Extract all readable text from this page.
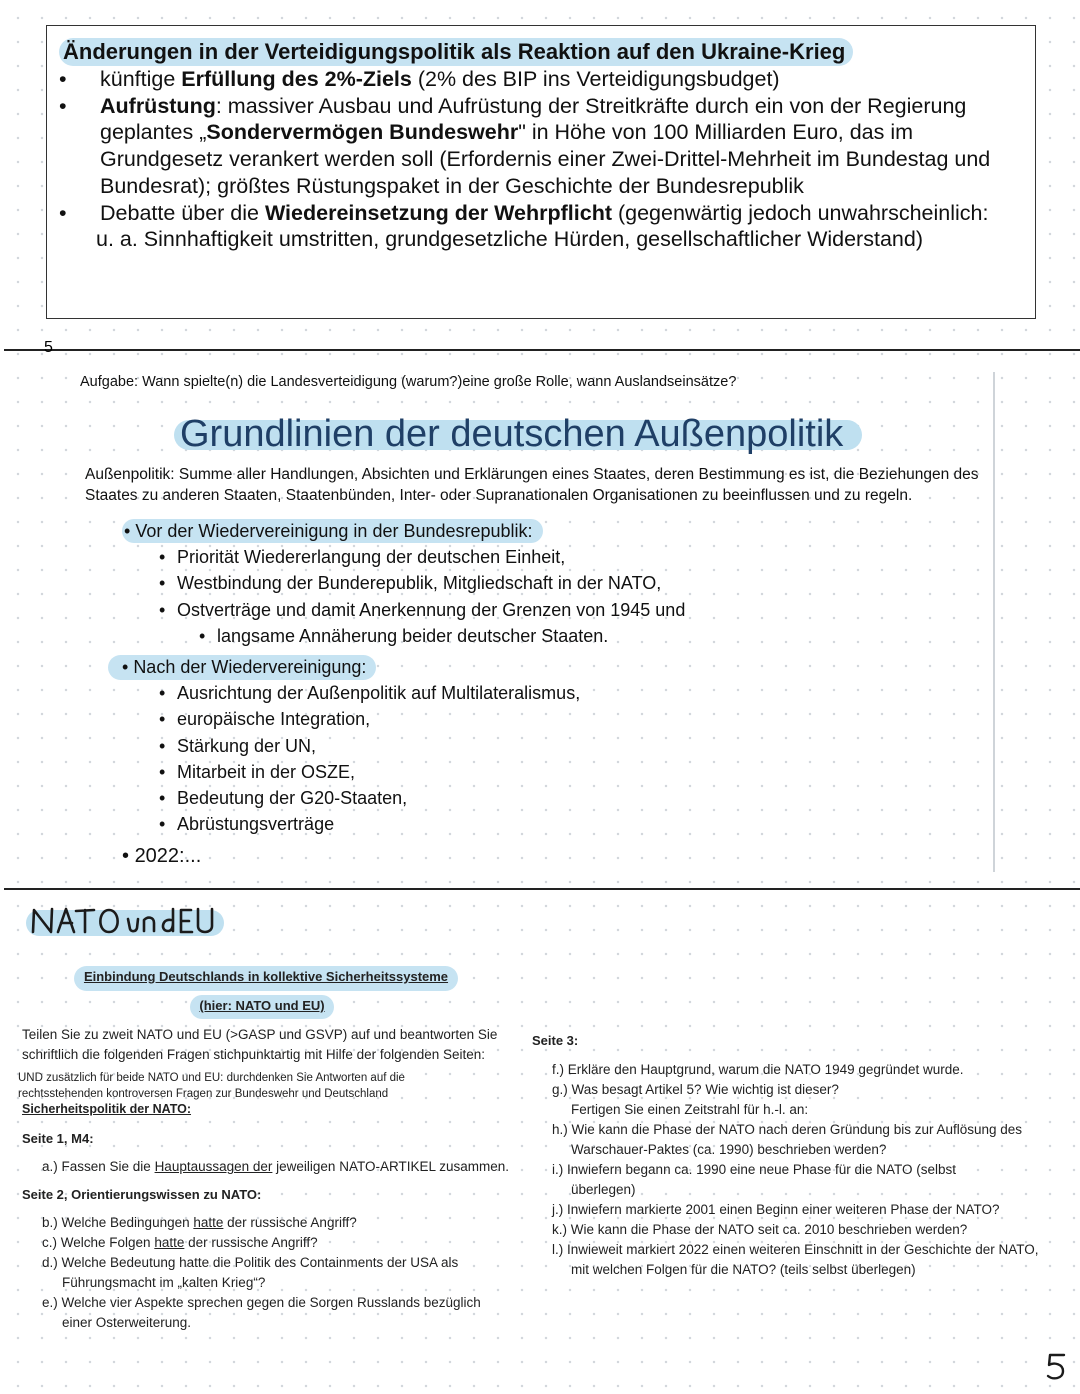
Änderungen in der Verteidigungspolitik als Reaktion auf den Ukraine-Krieg
• künftige Erfüllung des 2%-Ziels (2% des BIP ins Verteidigungsbudget)
• Aufrüstung: massiver Ausbau und Aufrüstung der Streitkräfte durch ein von der Regierung geplantes „Sondervermögen Bundeswehr" in Höhe von 100 Milliarden Euro, das im Grundgesetz verankert werden soll (Erfordernis einer Zwei-Drittel-Mehrheit im Bundestag und Bundesrat); größtes Rüstungspaket in der Geschichte der Bundesrepublik
• Debatte über die Wiedereinsetzung der Wehrpflicht (gegenwärtig jedoch unwahrscheinlich:
u. a. Sinnhaftigkeit umstritten, grundgesetzliche Hürden, gesellschaftlicher Widerstand)
Aufgabe: Wann spielte(n) die Landesverteidigung (warum?)eine große Rolle, wann Auslandseinsätze?
Grundlinien der deutschen Außenpolitik
Außenpolitik: Summe aller Handlungen, Absichten und Erklärungen eines Staates, deren Bestimmung es ist, die Beziehungen des Staates zu anderen Staaten, Staatenbünden, Inter- oder Supranationalen Organisationen zu beeinflussen und zu regeln.
• Vor der Wiedervereinigung in der Bundesrepublik:
• Priorität Wiedererlangung der deutschen Einheit,
• Westbindung der Bunderepublik, Mitgliedschaft in der NATO,
• Ostverträge und damit Anerkennung der Grenzen von 1945 und
• langsame Annäherung beider deutscher Staaten.
• Nach der Wiedervereinigung:
• Ausrichtung der Außenpolitik auf Multilateralismus,
• europäische Integration,
• Stärkung der UN,
• Mitarbeit in der OSZE,
• Bedeutung der G20-Staaten,
• Abrüstungsverträge
• 2022:...
Einbindung Deutschlands in kollektive Sicherheitssysteme
(hier: NATO und EU)
Teilen Sie zu zweit NATO und EU (>GASP und GSVP) auf und beantworten Sie schriftlich die folgenden Fragen stichpunktartig mit Hilfe der folgenden Seiten:
UND zusätzlich für beide NATO und EU: durchdenken Sie Antworten auf die rechtsstehenden kontroversen Fragen zur Bundeswehr und Deutschland
Sicherheitspolitik der NATO:
Seite 1, M4:
a.) Fassen Sie die Hauptaussagen der jeweiligen NATO-ARTIKEL zusammen.
Seite 2, Orientierungswissen zu NATO:
b.) Welche Bedingungen hatte der russische Angriff?
c.) Welche Folgen hatte der russische Angriff?
d.) Welche Bedeutung hatte die Politik des Containments der USA als Führungsmacht im „kalten Krieg“?
e.) Welche vier Aspekte sprechen gegen die Sorgen Russlands bezüglich einer Osterweiterung.
Seite 3:
f.) Erkläre den Hauptgrund, warum die NATO 1949 gegründet wurde.
g.) Was besagt Artikel 5? Wie wichtig ist dieser?
Fertigen Sie einen Zeitstrahl für h.-l. an:
h.) Wie kann die Phase der NATO nach deren Gründung bis zur Auflösung des Warschauer-Paktes (ca. 1990) beschrieben werden?
i.) Inwiefern begann ca. 1990 eine neue Phase für die NATO (selbst überlegen)
j.) Inwiefern markierte 2001 einen Beginn einer weiteren Phase der NATO?
k.) Wie kann die Phase der NATO seit ca. 2010 beschrieben werden?
l.) Inwieweit markiert 2022 einen weiteren Einschnitt in der Geschichte der NATO, mit welchen Folgen für die NATO? (teils selbst überlegen)
5
